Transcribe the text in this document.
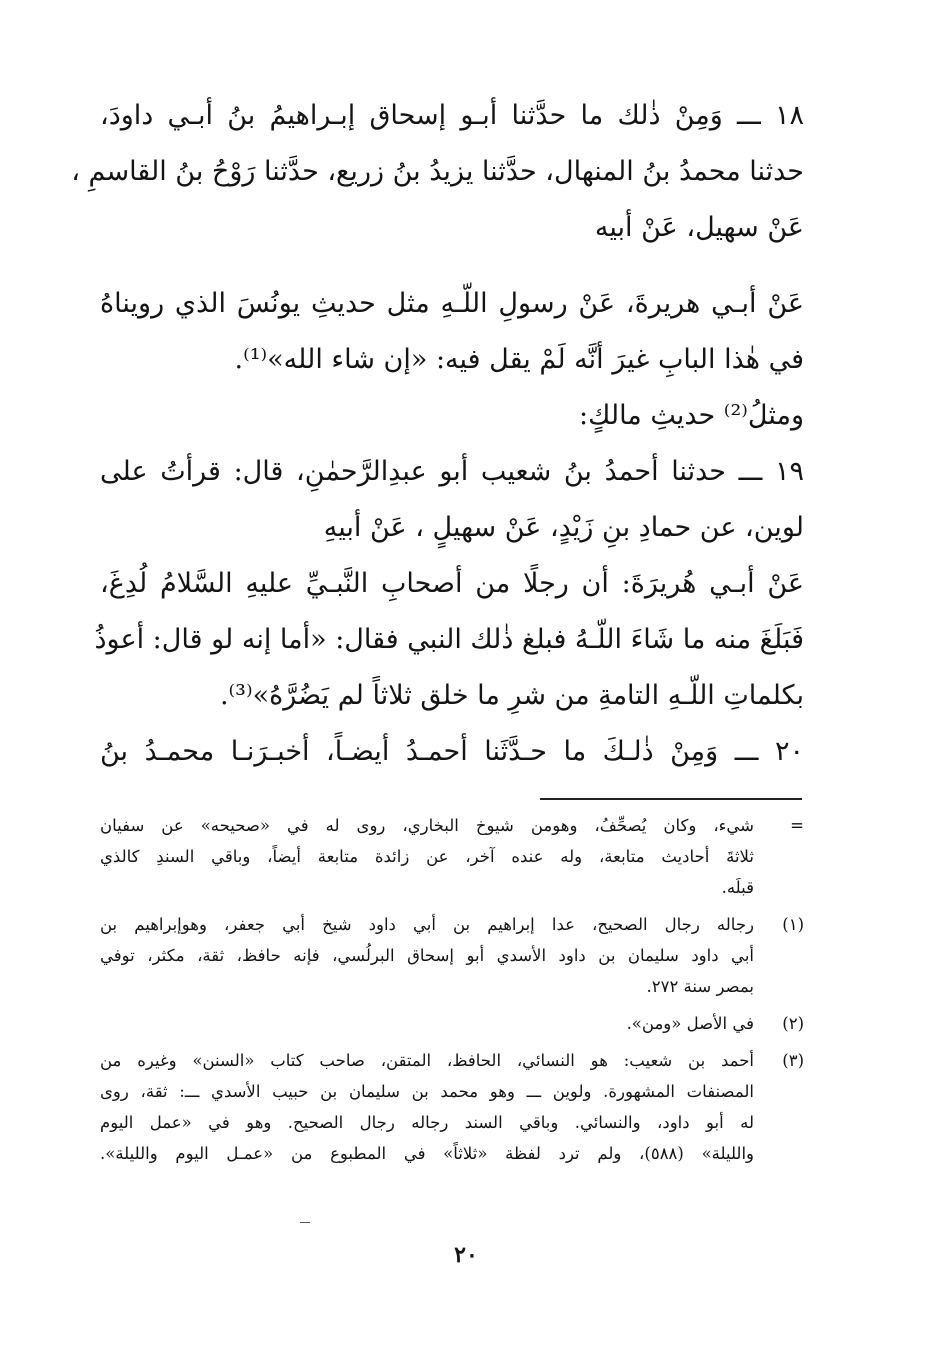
١٨ ـــ وَمِنْ ذٰلك ما حدَّثنا أبـو إسحاق إبـراهيمُ بنُ أبـي داودَ،
حدثنا محمدُ بنُ المنهال، حدَّثنا يزيدُ بنُ زريع، حدَّثنا رَوْحُ بنُ القاسمِ ،
عَنْ سهيل، عَنْ أبيه
عَنْ أبـي هريرةَ، عَنْ رسولِ اللّـهِ مثل حديثِ يونُسَ الذي رويناهُ
في هٰذا البابِ غيرَ أنَّه لَمْ يقل فيه: «إن شاء الله»⁽¹⁾.
ومثلُ⁽²⁾ حديثِ مالكٍ:
١٩ ـــ حدثنا أحمدُ بنُ شعيب أبو عبدِالرَّحمٰنِ، قال: قرأتُ على
لوين، عن حمادِ بنِ زَيْدٍ، عَنْ سهيلٍ ، عَنْ أبيهِ
عَنْ أبـي هُريرَةَ: أن رجلًا من أصحابِ النَّبـيِّ عليهِ السَّلامُ لُدِغَ،
فَبَلَغَ منه ما شَاءَ اللّـهُ فبلغ ذٰلك النبي فقال: «أما إنه لو قال: أعوذُ
بكلماتِ اللّـهِ التامةِ من شرِ ما خلق ثلاثاً لم يَضُرَّهُ»⁽³⁾.
٢٠ ـــ وَمِنْ ذٰلـكَ ما حـدَّثَنا أحمـدُ أيضـاً، أخبـرَنـا محمـدُ بنُ
=
شيء، وكان يُصحِّفُ، وهومن شيوخ البخاري، روى له في «صحيحه» عن سفيان
ثلاثةَ أحاديث متابعة، وله عنده آخر، عن زائدة متابعة أيضاً، وباقي السندِ كالذي
قبلَه.
(١)
رجاله رجال الصحيح، عدا إبراهيم بن أبي داود شيخ أبي جعفر، وهوإبراهيم بن
أبي داود سليمان بن داود الأسدي أبو إسحاق البرلُسي، فإنه حافظ، ثقة، مكثر، توفي
بمصر سنة ٢٧٢.
(٢)
في الأصل «ومن».
(٣)
أحمد بن شعيب: هو النسائي، الحافظ، المتقن، صاحب كتاب «السنن» وغيره من
المصنفات المشهورة. ولوين ـــ وهو محمد بن سليمان بن حبيب الأسدي ـــ: ثقة، روى
له أبو داود، والنسائي. وباقي السند رجاله رجال الصحيح. وهو في «عمل اليوم
والليلة» (٥٨٨)، ولم ترد لفظة «ثلاثاً» في المطبوع من «عمـل اليوم والليلة».
٢٠
